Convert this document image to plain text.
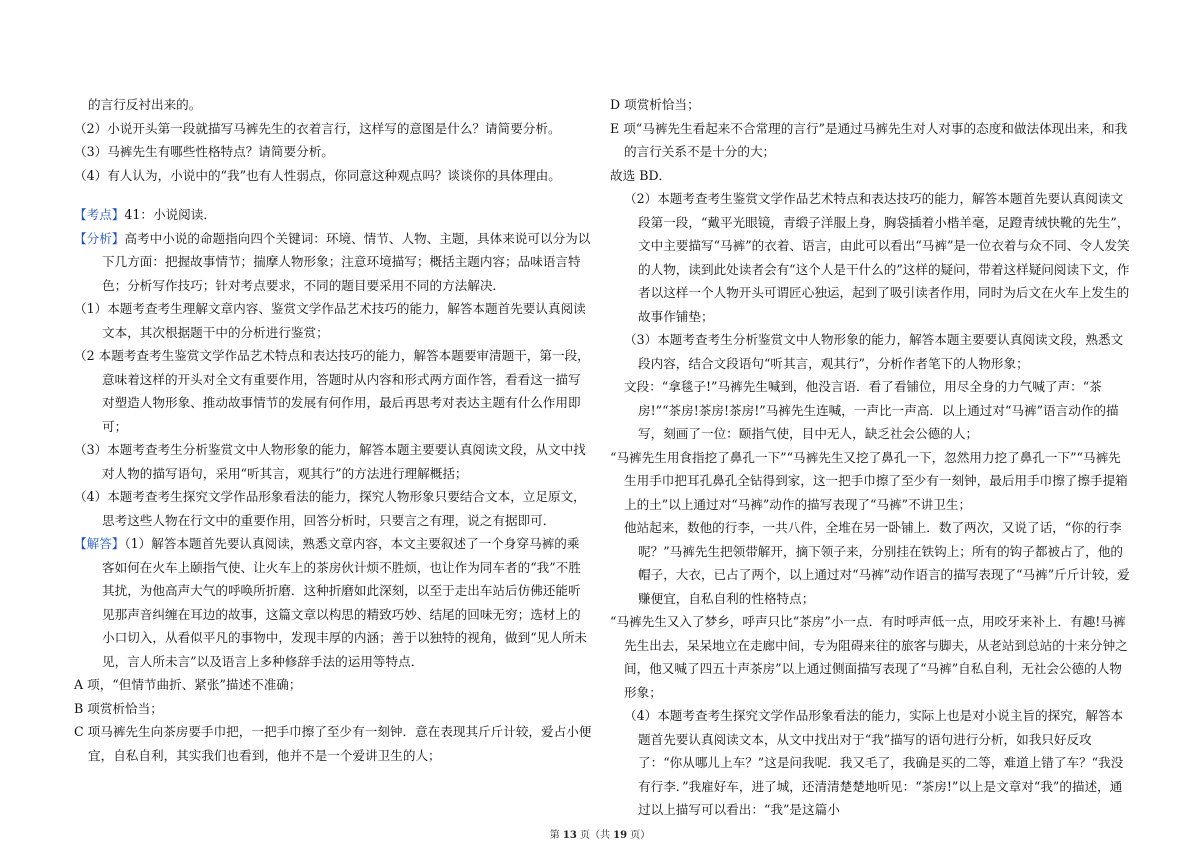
的言行反衬出来的。

（2）小说开头第一段就描写马裤先生的衣着言行，这样写的意图是什么？请简要分析。

（3）马裤先生有哪些性格特点？请简要分析。

（4）有人认为，小说中的“我”也有人性弱点，你同意这种观点吗？谈谈你的具体理由。

【考点】41：小说阅读．

【分析】高考中小说的命题指向四个关键词：环境、情节、人物、主题，具体来说可以分为以下几方面：把握故事情节；揣摩人物形象；注意环境描写；概括主题内容；品味语言特色；分析写作技巧；针对考点要求，不同的题目要采用不同的方法解决．

（1）本题考查考生理解文章内容、鉴赏文学作品艺术技巧的能力，解答本题首先要认真阅读文本，其次根据题干中的分析进行鉴赏；

（2 本题考查考生鉴赏文学作品艺术特点和表达技巧的能力，解答本题要审清题干，第一段，意味着这样的开头对全文有重要作用，答题时从内容和形式两方面作答，看看这一描写对塑造人物形象、推动故事情节的发展有何作用，最后再思考对表达主题有什么作用即可；

（3）本题考查考生分析鉴赏文中人物形象的能力，解答本题主要要认真阅读文段，从文中找对人物的描写语句，采用“听其言，观其行”的方法进行理解概括；

（4）本题考查考生探究文学作品形象看法的能力，探究人物形象只要结合文本，立足原文，思考这些人物在行文中的重要作用，回答分析时，只要言之有理，说之有据即可．

【解答】（1）解答本题首先要认真阅读，熟悉文章内容，本文主要叙述了一个身穿马裤的乘客如何在火车上颐指气使、让火车上的茶房伙计烦不胜烦，也让作为同车者的“我”不胜其扰，为他高声大气的呼唤所折磨．这种折磨如此深刻，以至于走出车站后仿佛还能听见那声音纠缠在耳边的故事，这篇文章以构思的精致巧妙、结尾的回味无穷；选材上的小口切入，从看似平凡的事物中，发现丰厚的内涵；善于以独特的视角，做到“见人所未见，言人所未言”以及语言上多种修辞手法的运用等特点．

A 项，“但情节曲折、紧张”描述不准确；

B 项赏析恰当；

C 项马裤先生向茶房要手巾把，一把手巾擦了至少有一刻钟．意在表现其斤斤计较，爱占小便宜，自私自利，其实我们也看到，他并不是一个爱讲卫生的人；

D 项赏析恰当；

E 项“马裤先生看起来不合常理的言行”是通过马裤先生对人对事的态度和做法体现出来，和我的言行关系不是十分的大；

故选 BD．

（2）本题考查考生鉴赏文学作品艺术特点和表达技巧的能力，解答本题首先要认真阅读文段第一段，“戴平光眼镜，青缎子洋服上身，胸袋插着小楷羊毫，足蹬青绒快靴的先生”，文中主要描写“马裤”的衣着、语言，由此可以看出“马裤”是一位衣着与众不同、令人发笑的人物，读到此处读者会有“这个人是干什么的”这样的疑问，带着这样疑问阅读下文，作者以这样一个人物开头可谓匠心独运，起到了吸引读者作用，同时为后文在火车上发生的故事作铺垫；

（3）本题考查考生分析鉴赏文中人物形象的能力，解答本题主要要认真阅读文段，熟悉文段内容，结合文段语句“听其言，观其行”，分析作者笔下的人物形象；

文段：“拿毯子!”马裤先生喊到，他没言语．看了看铺位，用尽全身的力气喊了声：“茶房!”“茶房!茶房!茶房!”马裤先生连喊，一声比一声高．以上通过对“马裤”语言动作的描写，刻画了一位：颐指气使，目中无人，缺乏社会公德的人；

“马裤先生用食指挖了鼻孔一下”“马裤先生又挖了鼻孔一下，忽然用力挖了鼻孔一下”“马裤先生用手巾把耳孔鼻孔全钻得到家，这一把手巾擦了至少有一刻钟，最后用手巾擦了擦手提箱上的土”以上通过对“马裤”动作的描写表现了“马裤”不讲卫生；

他站起来，数他的行李，一共八件，全堆在另一卧铺上．数了两次，又说了话，“你的行李呢？”马裤先生把领带解开，摘下领子来，分别挂在铁钩上；所有的钩子都被占了，他的帽子，大衣，已占了两个，以上通过对“马裤”动作语言的描写表现了“马裤”斤斤计较，爱赚便宜，自私自利的性格特点；

“马裤先生又入了梦乡，呼声只比“茶房”小一点．有时呼声低一点，用咬牙来补上．有趣!马裤先生出去，呆呆地立在走廊中间，专为阻碍来往的旅客与脚夫，从老站到总站的十来分钟之间，他又喊了四五十声茶房”以上通过侧面描写表现了“马裤”自私自利，无社会公德的人物形象；

（4）本题考查考生探究文学作品形象看法的能力，实际上也是对小说主旨的探究，解答本题首先要认真阅读文本，从文中找出对于“我”描写的语句进行分析，如我只好反攻了：“你从哪儿上车？”这是问我呢．我又毛了，我确是买的二等，难道上错了车？“我没有行李．”我雇好车，进了城，还清清楚楚地听见：“茶房!”以上是文章对“我”的描述，通过以上描写可以看出：“我”是这篇小

第 13 页（共 19 页）
